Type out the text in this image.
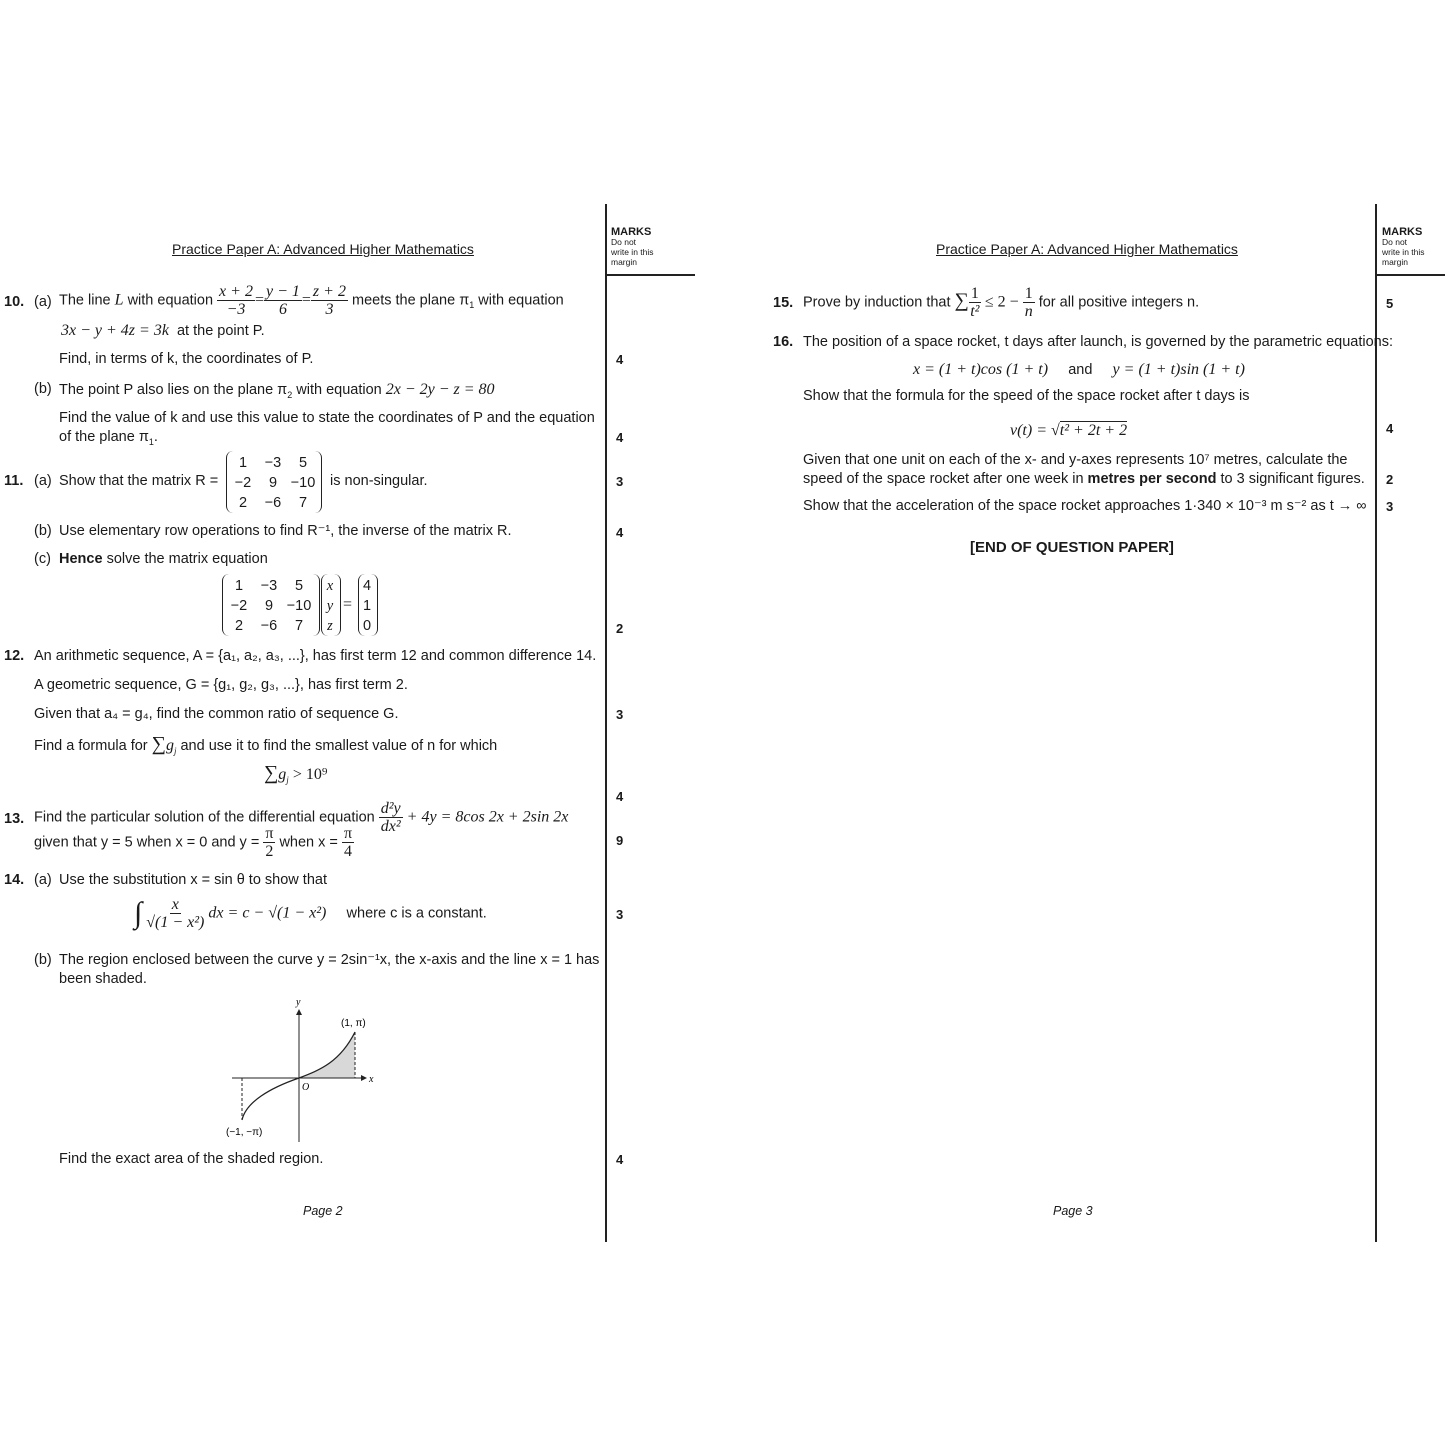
MARKS
Do not
write in this
margin
MARKS
Do not
write in this
margin
Practice Paper A: Advanced Higher Mathematics	Practice Paper A: Advanced Higher Mathematics
10. (a) The line L with equation $\frac{x + 2}{-3} = \frac{y - 1}{6} = \frac{z + 2}{3}$ meets the plane $\pi_1$ with equation
3x − y + 4z = 3k at the point P.
Find, in terms of k, the coordinates of P.	4
(b) The point P also lies on the plane $\pi_2$ with equation 2x − 2y − z = 80
Find the value of k and use this value to state the coordinates of P and the equation
of the plane $\pi_1$.	4
11. (a) Show that the matrix R =
1	−3	5
−2	9 −10
2	−6	7
is non-singular.	3
(b) Use elementary row operations to find R⁻¹, the inverse of the matrix R.	4
(c) Hence solve the matrix equation
=
1	−3	5
−2	9 −10
2	−6	7
x
y
z
4
1
0	2
12. An arithmetic sequence, A = {a₁, a₂, a₃, ...}, has first term 12 and common difference 14.
A geometric sequence, G = {g₁, g₂, g₃, ...}, has first term 2.
Given that a₄ = g₄, find the common ratio of sequence G.	3
Find a formula for $\sum g_j$ and use it to find the smallest value of n for which
$\sum g_j > 10^9$
4
13. Find the particular solution of the differential equation $\frac{\text{d²y}}{\text{dx²}} + 4y = 8\cos$ 2x + 2sin 2x
given that y = 5 when x = 0 and $y = \frac{\pi}{2}$ when $x = \frac{\pi}{4}$	9
14. (a) Use the substitution x = sin θ to show that
∫ $\frac{x}{\text{√(1 − x²)}}$ dx = c − √(1 − x²) where c is a constant.	3
(b) The region enclosed between the curve y = 2sin⁻¹x, the x-axis and the line x = 1 has
been shaded.
y
x
O
(1, π)
(−1, −π)
Find the exact area of the shaded region.	4
Page 2
15. Prove by induction that ∑ $\frac{1}{\text{t²}} \le 2 - \frac{1}{n}$ for all positive integers n.	5
16. The position of a space rocket, t days after launch, is governed by the parametric equations:
x = (1 + t)cos (1 + t) and y = (1 + t)sin (1 + t)
Show that the formula for the speed of the space rocket after t days is
v(t) = √t² + 2t + 2	4
Given that one unit on each of the x- and y-axes represents 10⁷ metres, calculate the
speed of the space rocket after one week in metres per second to 3 significant figures. 2
Show that the acceleration of the space rocket approaches 1·340 × 10⁻³ m s⁻² as t → ∞ 3
[END OF QUESTION PAPER]
Page 3
